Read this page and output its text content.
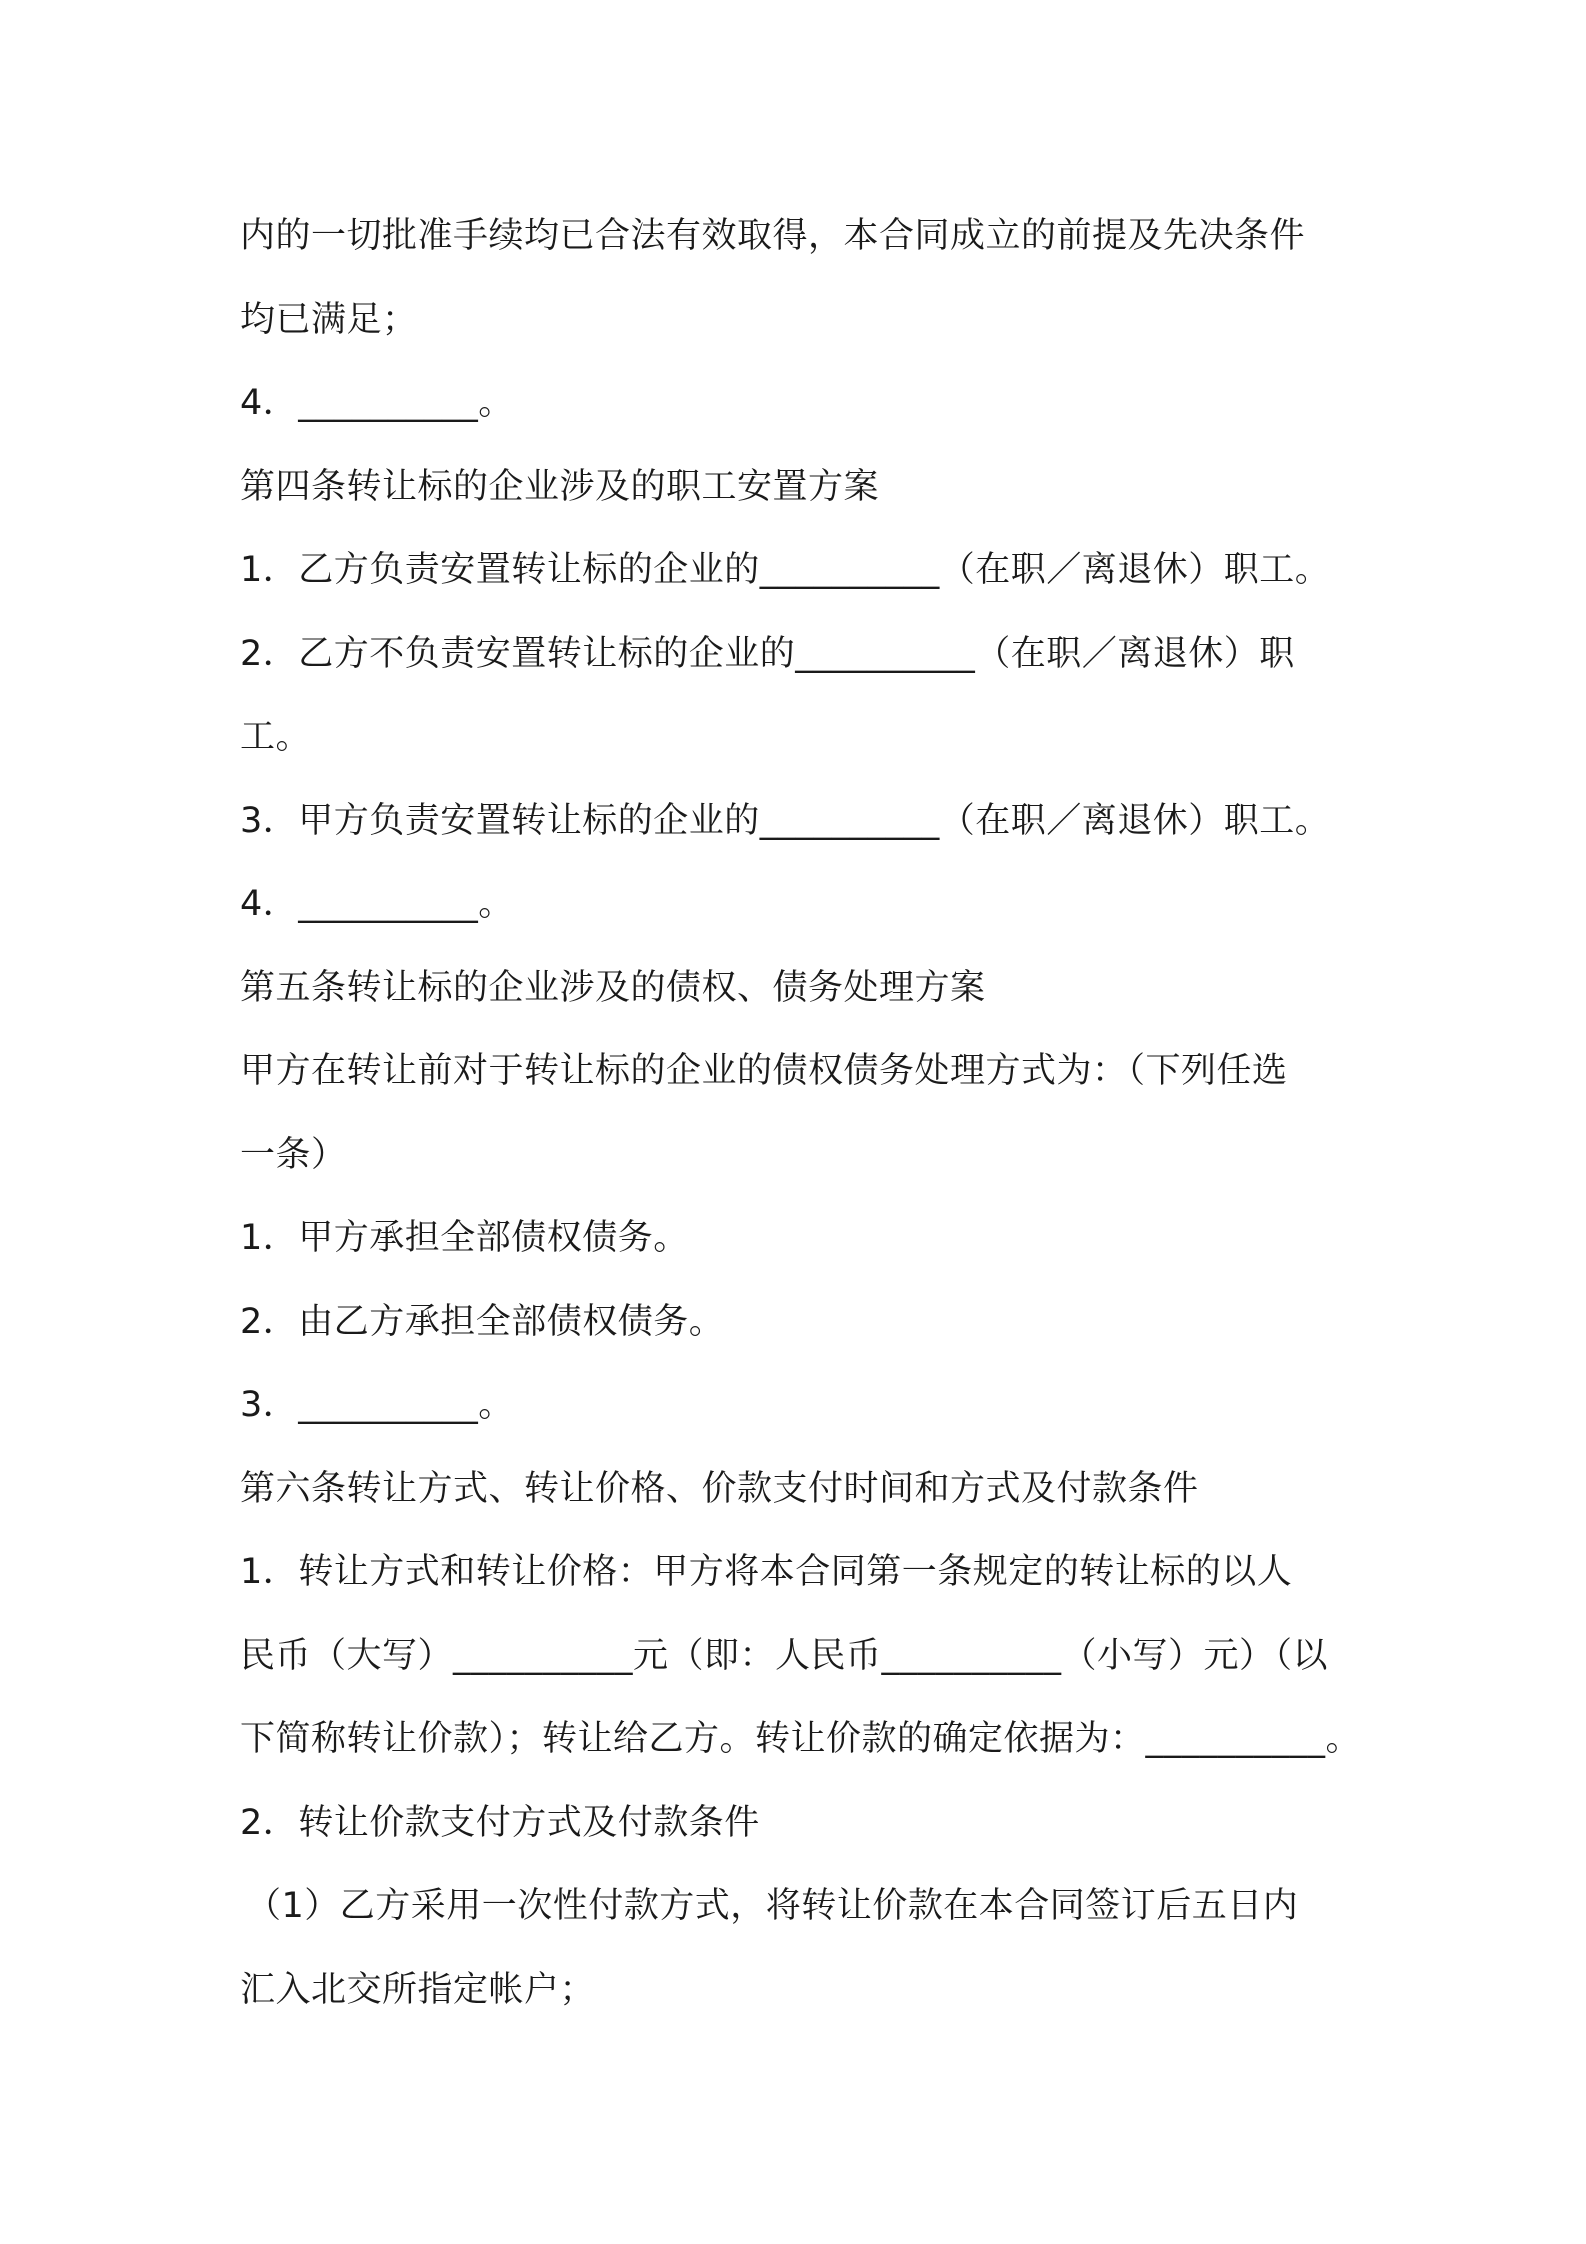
内的一切批准手续均已合法有效取得，本合同成立的前提及先决条件
均已满足；
4．__________。
第四条转让标的企业涉及的职工安置方案
1．乙方负责安置转让标的企业的__________（在职／离退休）职工。
2．乙方不负责安置转让标的企业的__________（在职／离退休）职
工。
3．甲方负责安置转让标的企业的__________（在职／离退休）职工。
4．__________。
第五条转让标的企业涉及的债权、债务处理方案
甲方在转让前对于转让标的企业的债权债务处理方式为：（下列任选
一条）
1．甲方承担全部债权债务。
2．由乙方承担全部债权债务。
3．__________。
第六条转让方式、转让价格、价款支付时间和方式及付款条件
1．转让方式和转让价格：甲方将本合同第一条规定的转让标的以人
民币（大写）__________元（即：人民币__________（小写）元）（以
下简称转让价款）；转让给乙方。转让价款的确定依据为：__________。
2．转让价款支付方式及付款条件
（1）乙方采用一次性付款方式，将转让价款在本合同签订后五日内
汇入北交所指定帐户；
